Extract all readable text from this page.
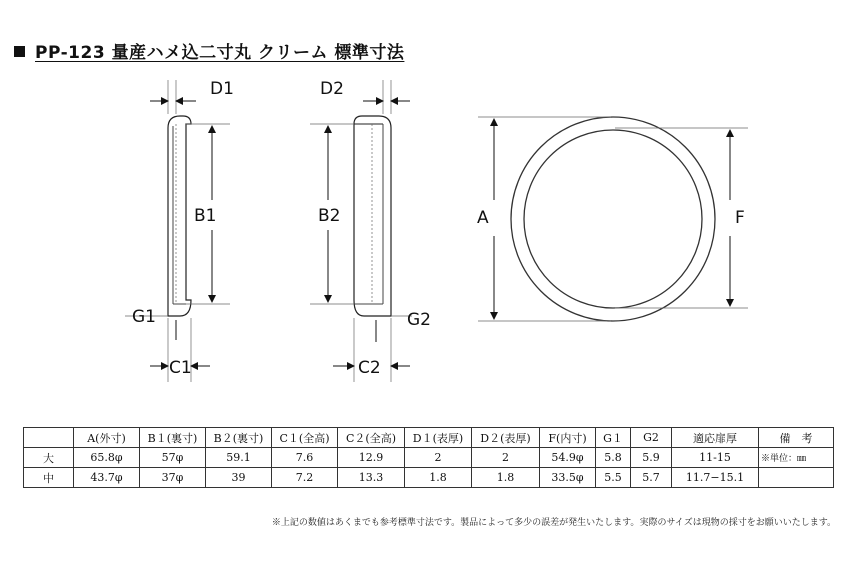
PP-123 量産ハメ込二寸丸 クリーム 標準寸法
D1
B1
G1
C1
D2
B2
G2
C2
A	F
	A(外寸)	B１(裏寸)	B２(裏寸)	C１(全高)	C２(全高)	D１(表厚)	D２(表厚)	F(内寸)	G１	G2	適応扉厚	備　考
大	65.8φ	57φ	59.1	7.6	12.9	2	2	54.9φ	5.8	5.9	11-15	※単位：㎜
中	43.7φ	37φ	39	7.2	13.3	1.8	1.8	33.5φ	5.5	5.7	11.7−15.1	
※上記の数値はあくまでも参考標準寸法です。製品によって多少の誤差が発生いたします。実際のサイズは現物の採寸をお願いいたします。
